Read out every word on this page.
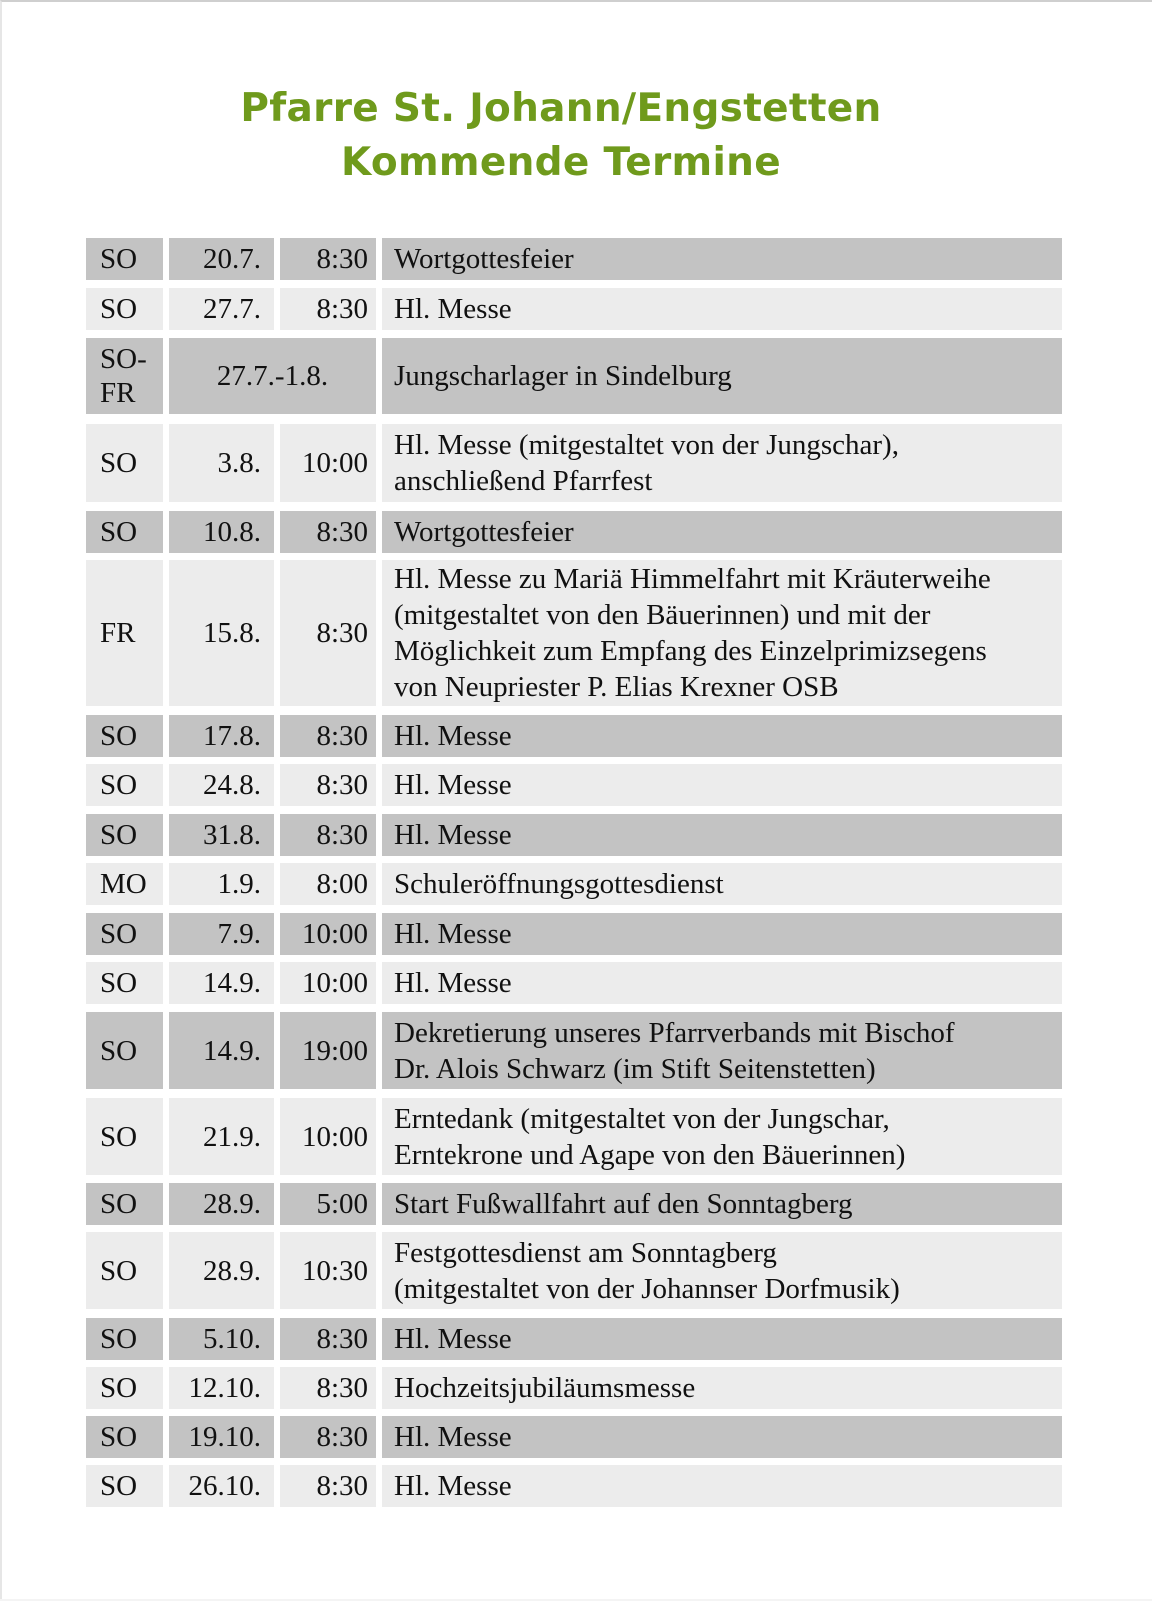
Pfarre St. Johann/Engstetten
Kommende Termine
SO 20.7. 8:30 Wortgottesfeier
SO 27.7. 8:30 Hl. Messe
SO-
FR
27.7.-1.8. Jungscharlager in Sindelburg
SO	3.8. 10:00
Hl. Messe (mitgestaltet von der Jungschar),
anschließend Pfarrfest
SO 10.8. 8:30 Wortgottesfeier
FR 15.8. 8:30
Hl. Messe zu Mariä Himmelfahrt mit Kräuterweihe
(mitgestaltet von den Bäuerinnen) und mit der
Möglichkeit zum Empfang des Einzelprimizsegens
von Neupriester P. Elias Krexner OSB
SO 17.8. 8:30 Hl. Messe
SO 24.8. 8:30 Hl. Messe
SO 31.8. 8:30 Hl. Messe
MO 1.9. 8:00 Schuleröffnungsgottesdienst
SO	7.9. 10:00 Hl. Messe
SO 14.9. 10:00 Hl. Messe
SO 14.9. 19:00
Dekretierung unseres Pfarrverbands mit Bischof
Dr. Alois Schwarz (im Stift Seitenstetten)
SO 21.9. 10:00
Erntedank (mitgestaltet von der Jungschar,
Erntekrone und Agape von den Bäuerinnen)
SO 28.9. 5:00 Start Fußwallfahrt auf den Sonntagberg
SO 28.9. 10:30
Festgottesdienst am Sonntagberg
(mitgestaltet von der Johannser Dorfmusik)
SO 5.10. 8:30 Hl. Messe
SO 12.10. 8:30 Hochzeitsjubiläumsmesse
SO 19.10. 8:30 Hl. Messe
SO 26.10. 8:30 Hl. Messe
